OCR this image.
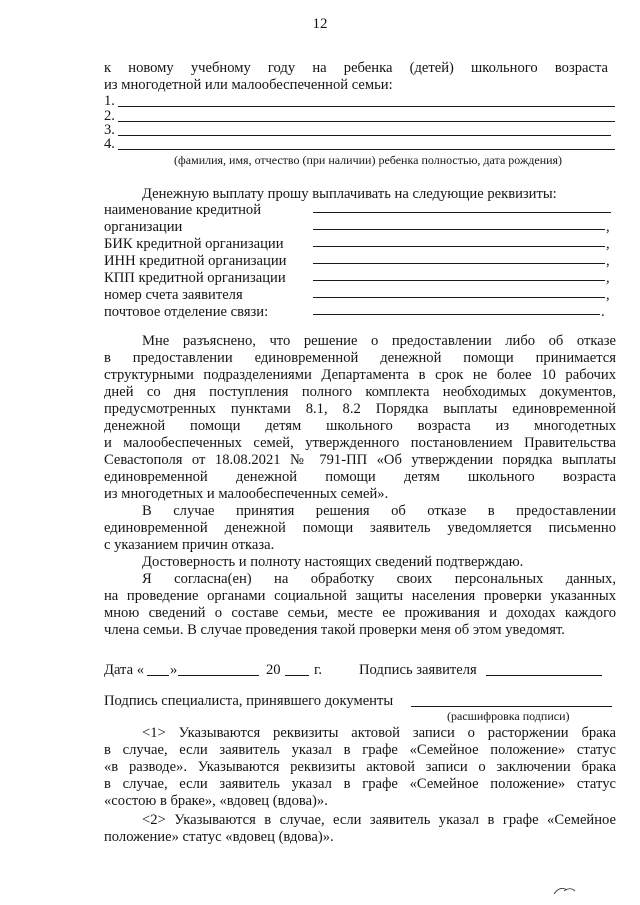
12
к новому учебному году на ребенка (детей) школьного возраста
из многодетной или малообеспеченной семьи:
1.
2.
3.
4.
(фамилия, имя, отчество (при наличии) ребенка полностью, дата рождения)
Денежную выплату прошу выплачивать на следующие реквизиты:
наименование кредитной
организации	,
БИК кредитной организации	,
ИНН кредитной организации	,
КПП кредитной организации	,
номер счета заявителя	,
почтовое отделение связи:	.
Мне разъяснено, что решение о предоставлении либо об отказе
в предоставлении единовременной денежной помощи принимается
структурными подразделениями Департамента в срок не более 10 рабочих
дней со дня поступления полного комплекта необходимых документов,
предусмотренных пунктами 8.1, 8.2 Порядка выплаты единовременной
денежной помощи детям школьного возраста из многодетных
и малообеспеченных семей, утвержденного постановлением Правительства
Севастополя от 18.08.2021 № 791-ПП «Об утверждении порядка выплаты
единовременной денежной помощи детям школьного возраста
из многодетных и малообеспеченных семей».
В случае принятия решения об отказе в предоставлении
единовременной денежной помощи заявитель уведомляется письменно
с указанием причин отказа.
Достоверность и полноту настоящих сведений подтверждаю.
Я согласна(ен) на обработку своих персональных данных,
на проведение органами социальной защиты населения проверки указанных
мною сведений о составе семьи, месте ее проживания и доходах каждого
члена семьи. В случае проведения такой проверки меня об этом уведомят.
Дата « »	20 г.	Подпись заявителя
Подпись специалиста, принявшего документы
(расшифровка подписи)
<1> Указываются реквизиты актовой записи о расторжении брака
в случае, если заявитель указал в графе «Семейное положение» статус
«в разводе». Указываются реквизиты актовой записи о заключении брака
в случае, если заявитель указал в графе «Семейное положение» статус
«состою в браке», «вдовец (вдова)».
<2> Указываются в случае, если заявитель указал в графе «Семейное
положение» статус «вдовец (вдова)».
